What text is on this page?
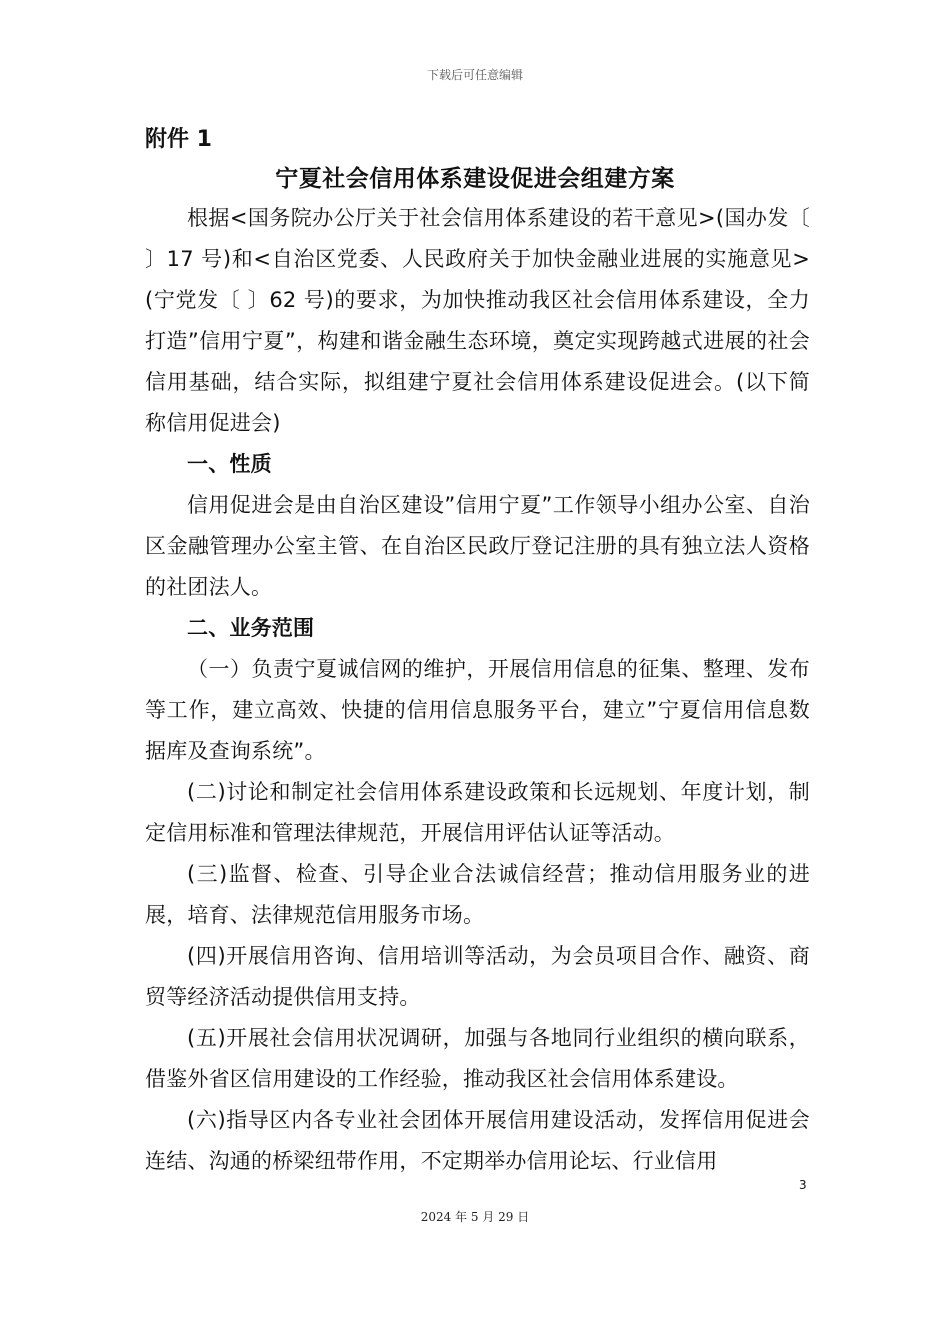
下载后可任意编辑
附件 1
宁夏社会信用体系建设促进会组建方案

根据<国务院办公厅关于社会信用体系建设的若干意见>(国办发〔 〕17 号)和<自治区党委、人民政府关于加快金融业进展的实施意见>(宁党发〔 〕62 号)的要求，为加快推动我区社会信用体系建设，全力打造”信用宁夏”，构建和谐金融生态环境，奠定实现跨越式进展的社会信用基础，结合实际，拟组建宁夏社会信用体系建设促进会。(以下简称信用促进会)

一、性质

信用促进会是由自治区建设”信用宁夏”工作领导小组办公室、自治区金融管理办公室主管、在自治区民政厅登记注册的具有独立法人资格的社团法人。

二、业务范围

（一）负责宁夏诚信网的维护，开展信用信息的征集、整理、发布等工作，建立高效、快捷的信用信息服务平台，建立”宁夏信用信息数据库及查询系统”。

(二)讨论和制定社会信用体系建设政策和长远规划、年度计划，制定信用标准和管理法律规范，开展信用评估认证等活动。

(三)监督、检查、引导企业合法诚信经营；推动信用服务业的进展，培育、法律规范信用服务市场。

(四)开展信用咨询、信用培训等活动，为会员项目合作、融资、商贸等经济活动提供信用支持。

(五)开展社会信用状况调研，加强与各地同行业组织的横向联系，借鉴外省区信用建设的工作经验，推动我区社会信用体系建设。

(六)指导区内各专业社会团体开展信用建设活动，发挥信用促进会连结、沟通的桥梁纽带作用，不定期举办信用论坛、行业信用

3
2024 年 5 月 29 日
